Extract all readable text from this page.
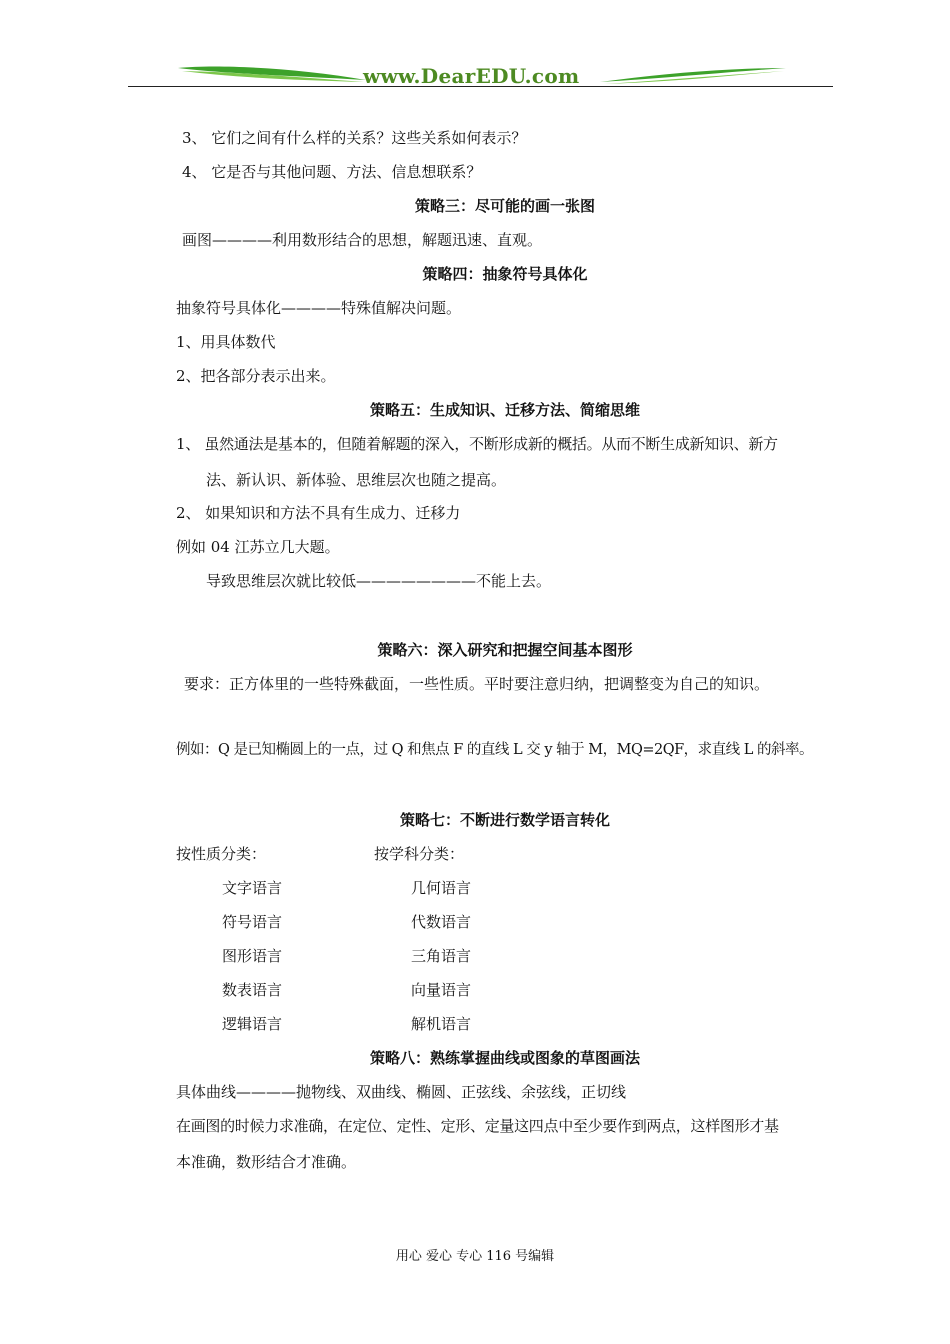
www.DearEDU.com
3、 它们之间有什么样的关系？这些关系如何表示？
4、 它是否与其他问题、方法、信息想联系？
策略三：尽可能的画一张图
画图————利用数形结合的思想，解题迅速、直观。
策略四：抽象符号具体化
抽象符号具体化————特殊值解决问题。
1、用具体数代
2、把各部分表示出来。
策略五：生成知识、迁移方法、简缩思维
1、 虽然通法是基本的，但随着解题的深入，不断形成新的概括。从而不断生成新知识、新方
法、新认识、新体验、思维层次也随之提高。
2、 如果知识和方法不具有生成力、迁移力
例如 04 江苏立几大题。
导致思维层次就比较低————————不能上去。
策略六：深入研究和把握空间基本图形
要求：正方体里的一些特殊截面，一些性质。平时要注意归纳，把调整变为自己的知识。
例如：Q 是已知椭圆上的一点，过 Q 和焦点 F 的直线 L 交 y 轴于 M，MQ=2QF，求直线 L 的斜率。
策略七：不断进行数学语言转化
按性质分类：	按学科分类：
文字语言	几何语言
符号语言	代数语言
图形语言	三角语言
数表语言	向量语言
逻辑语言	解机语言
策略八：熟练掌握曲线或图象的草图画法
具体曲线————抛物线、双曲线、椭圆、正弦线、余弦线，正切线
在画图的时候力求准确，在定位、定性、定形、定量这四点中至少要作到两点，这样图形才基
本准确，数形结合才准确。
用心 爱心 专心 116 号编辑
